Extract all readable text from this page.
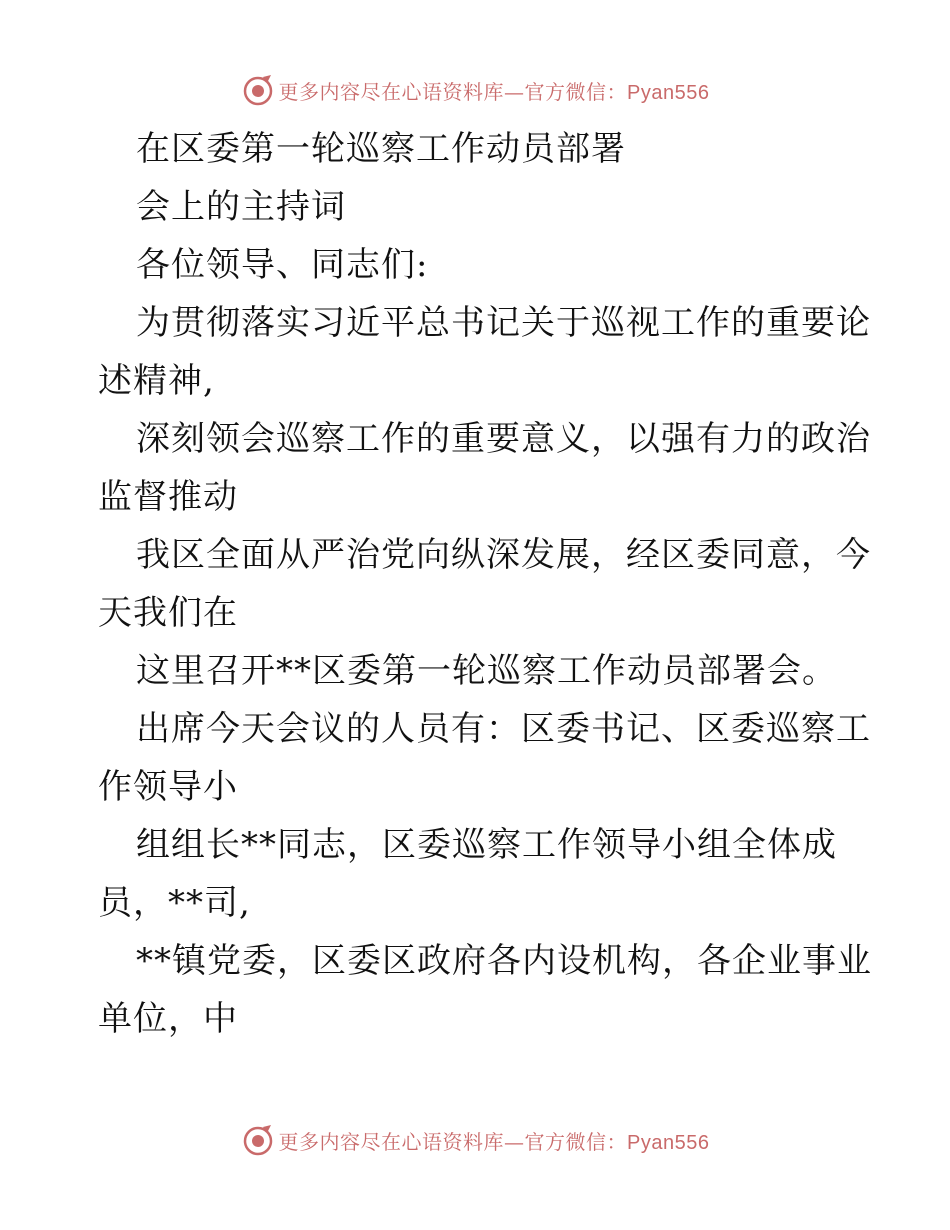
更多内容尽在心语资料库—官方微信：Pyan556
在区委第一轮巡察工作动员部署
会上的主持词
各位领导、同志们:
为贯彻落实习近平总书记关于巡视工作的重要论
述精神,
深刻领会巡察工作的重要意义，以强有力的政治
监督推动
我区全面从严治党向纵深发展，经区委同意，今
天我们在
这里召开**区委第一轮巡察工作动员部署会。
出席今天会议的人员有：区委书记、区委巡察工
作领导小
组组长**同志，区委巡察工作领导小组全体成
员，**司,
**镇党委，区委区政府各内设机构，各企业事业
单位，中
更多内容尽在心语资料库—官方微信：Pyan556
